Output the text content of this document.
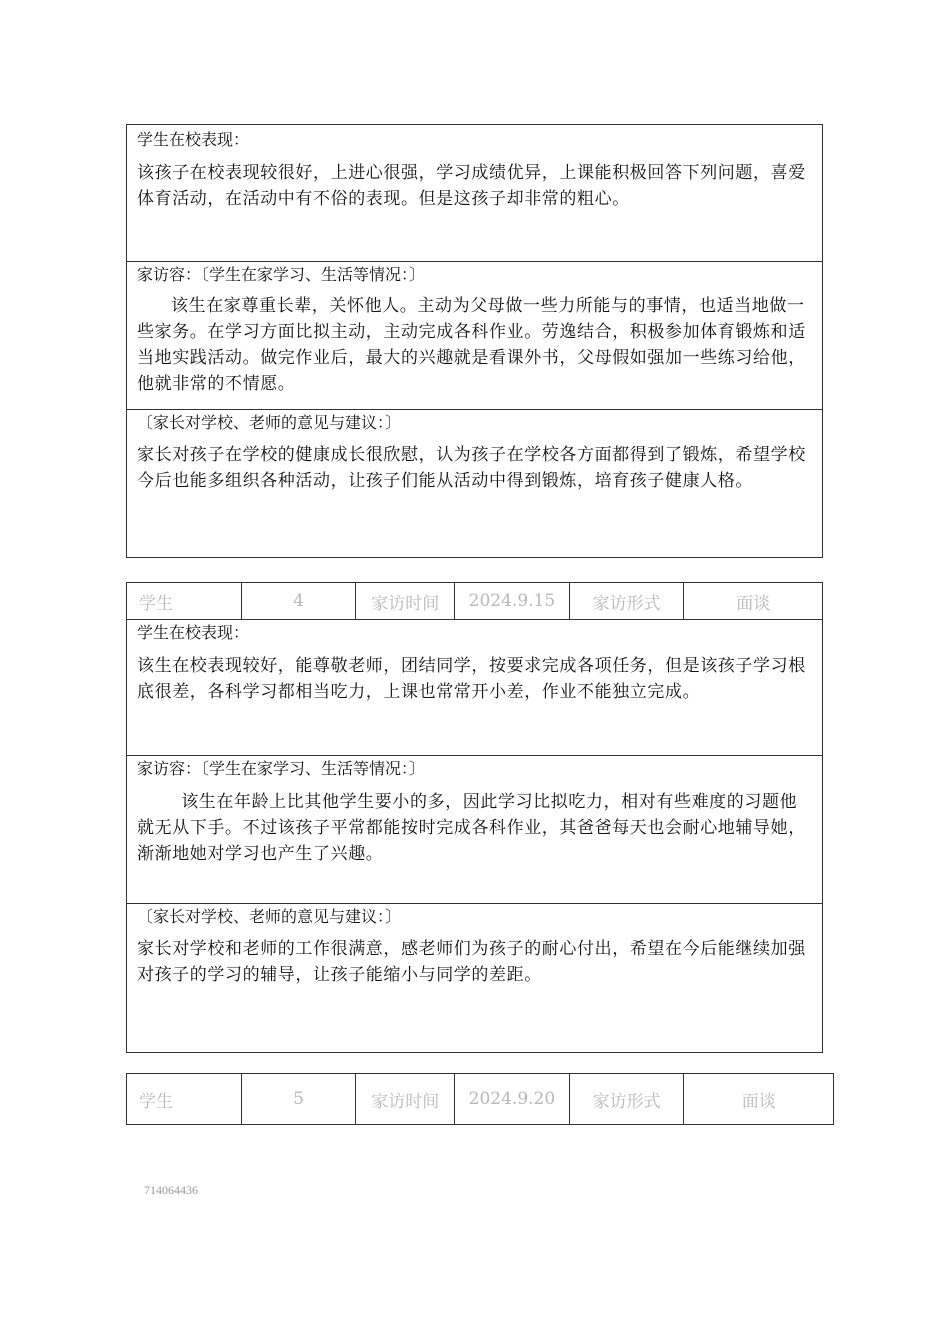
学生在校表现：
该孩子在校表现较很好，上进心很强，学习成绩优异，上课能积极回答下列问题，喜爱体育活动，在活动中有不俗的表现。但是这孩子却非常的粗心。
家访容：〔学生在家学习、生活等情况：〕
该生在家尊重长辈，关怀他人。主动为父母做一些力所能与的事情，也适当地做一些家务。在学习方面比拟主动，主动完成各科作业。劳逸结合，积极参加体育锻炼和适当地实践活动。做完作业后，最大的兴趣就是看课外书，父母假如强加一些练习给他，他就非常的不情愿。
〔家长对学校、老师的意见与建议：〕
家长对孩子在学校的健康成长很欣慰，认为孩子在学校各方面都得到了锻炼，希望学校今后也能多组织各种活动，让孩子们能从活动中得到锻炼，培育孩子健康人格。
学生	4	家访时间	2024.9.15	家访形式	面谈
学生在校表现：
该生在校表现较好，能尊敬老师，团结同学，按要求完成各项任务，但是该孩子学习根底很差，各科学习都相当吃力，上课也常常开小差，作业不能独立完成。
家访容：〔学生在家学习、生活等情况：〕
该生在年龄上比其他学生要小的多，因此学习比拟吃力，相对有些难度的习题他就无从下手。不过该孩子平常都能按时完成各科作业，其爸爸每天也会耐心地辅导她，渐渐地她对学习也产生了兴趣。
〔家长对学校、老师的意见与建议：〕
家长对学校和老师的工作很满意，感老师们为孩子的耐心付出，希望在今后能继续加强对孩子的学习的辅导，让孩子能缩小与同学的差距。
学生	5	家访时间	2024.9.20	家访形式	面谈
714064436
